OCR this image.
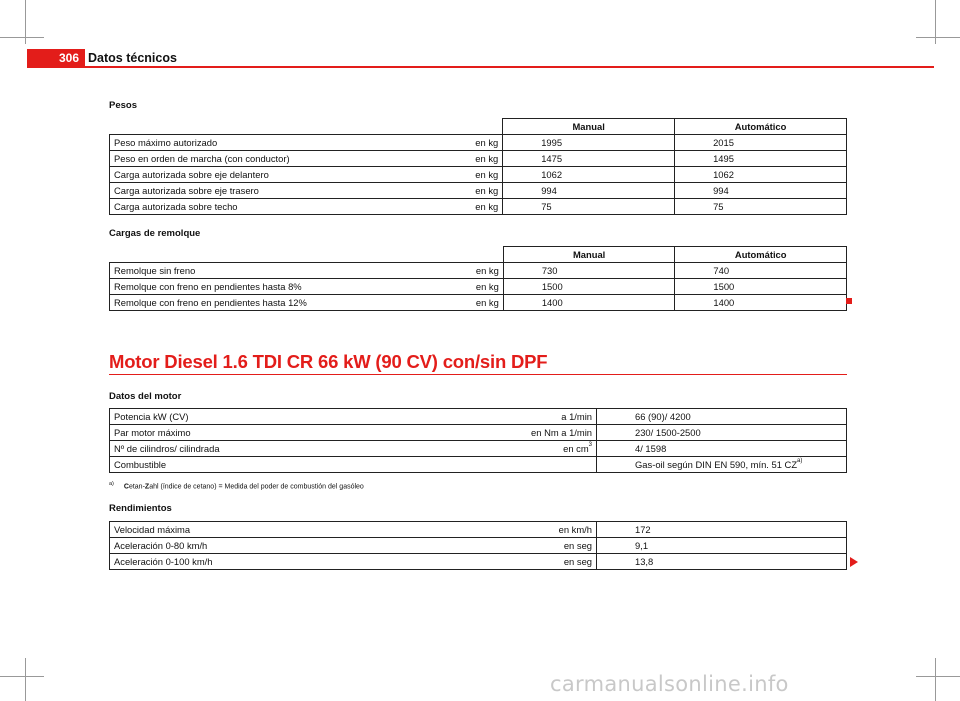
306 Datos técnicos
Pesos
		Manual	Automático
Peso máximo autorizado	en kg	1995	2015
Peso en orden de marcha (con conductor)	en kg	1475	1495
Carga autorizada sobre eje delantero	en kg	1062	1062
Carga autorizada sobre eje trasero	en kg	994	994
Carga autorizada sobre techo	en kg	75	75
Cargas de remolque
		Manual	Automático
Remolque sin freno	en kg	730	740
Remolque con freno en pendientes hasta 8%	en kg	1500	1500
Remolque con freno en pendientes hasta 12%	en kg	1400	1400
Motor Diesel 1.6 TDI CR 66 kW (90 CV) con/sin DPF
Datos del motor
Potencia kW (CV)	a 1/min	66 (90)/ 4200
Par motor máximo	en Nm a 1/min	230/ 1500-2500
Nº de cilindros/ cilindrada	en $cm^3$	4/ 1598
Combustible		Gas-oil según DIN EN 590, mín. 51 CZ$^{a)}$
$^{a)}$ Cetan-Zahl (índice de cetano) = Medida del poder de combustión del gasóleo
Rendimientos
Velocidad máxima	en km/h	172
Aceleración 0-80 km/h	en seg	9,1
Aceleración 0-100 km/h	en seg	13,8
carmanualsonline.info
